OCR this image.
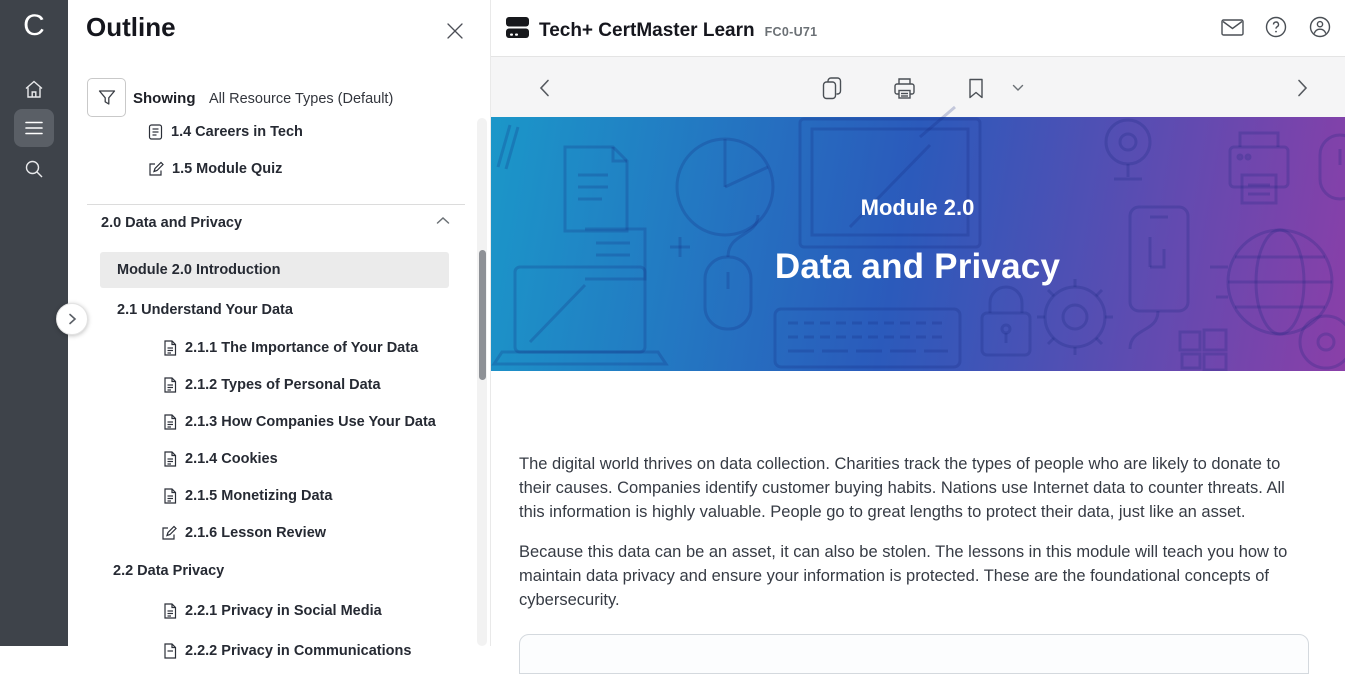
C	Outline
Showing All Resource Types (Default)
1.4 Careers in Tech
1.5 Module Quiz
2.0 Data and Privacy
Module 2.0 Introduction
2.1 Understand Your Data
2.1.1 The Importance of Your Data
2.1.2 Types of Personal Data
2.1.3 How Companies Use Your Data
2.1.4 Cookies
2.1.5 Monetizing Data
2.1.6 Lesson Review
2.2 Data Privacy
2.2.1 Privacy in Social Media
2.2.2 Privacy in Communications
Tech+ CertMaster Learn FC0-U71
Module 2.0
Data and Privacy

The digital world thrives on data collection. Charities track the types of people who are likely to donate to their causes. Companies identify customer buying habits. Nations use Internet data to counter threats. All this information is highly valuable. People go to great lengths to protect their data, just like an asset.

Because this data can be an asset, it can also be stolen. The lessons in this module will teach you how to maintain data privacy and ensure your information is protected. These are the foundational concepts of cybersecurity.
